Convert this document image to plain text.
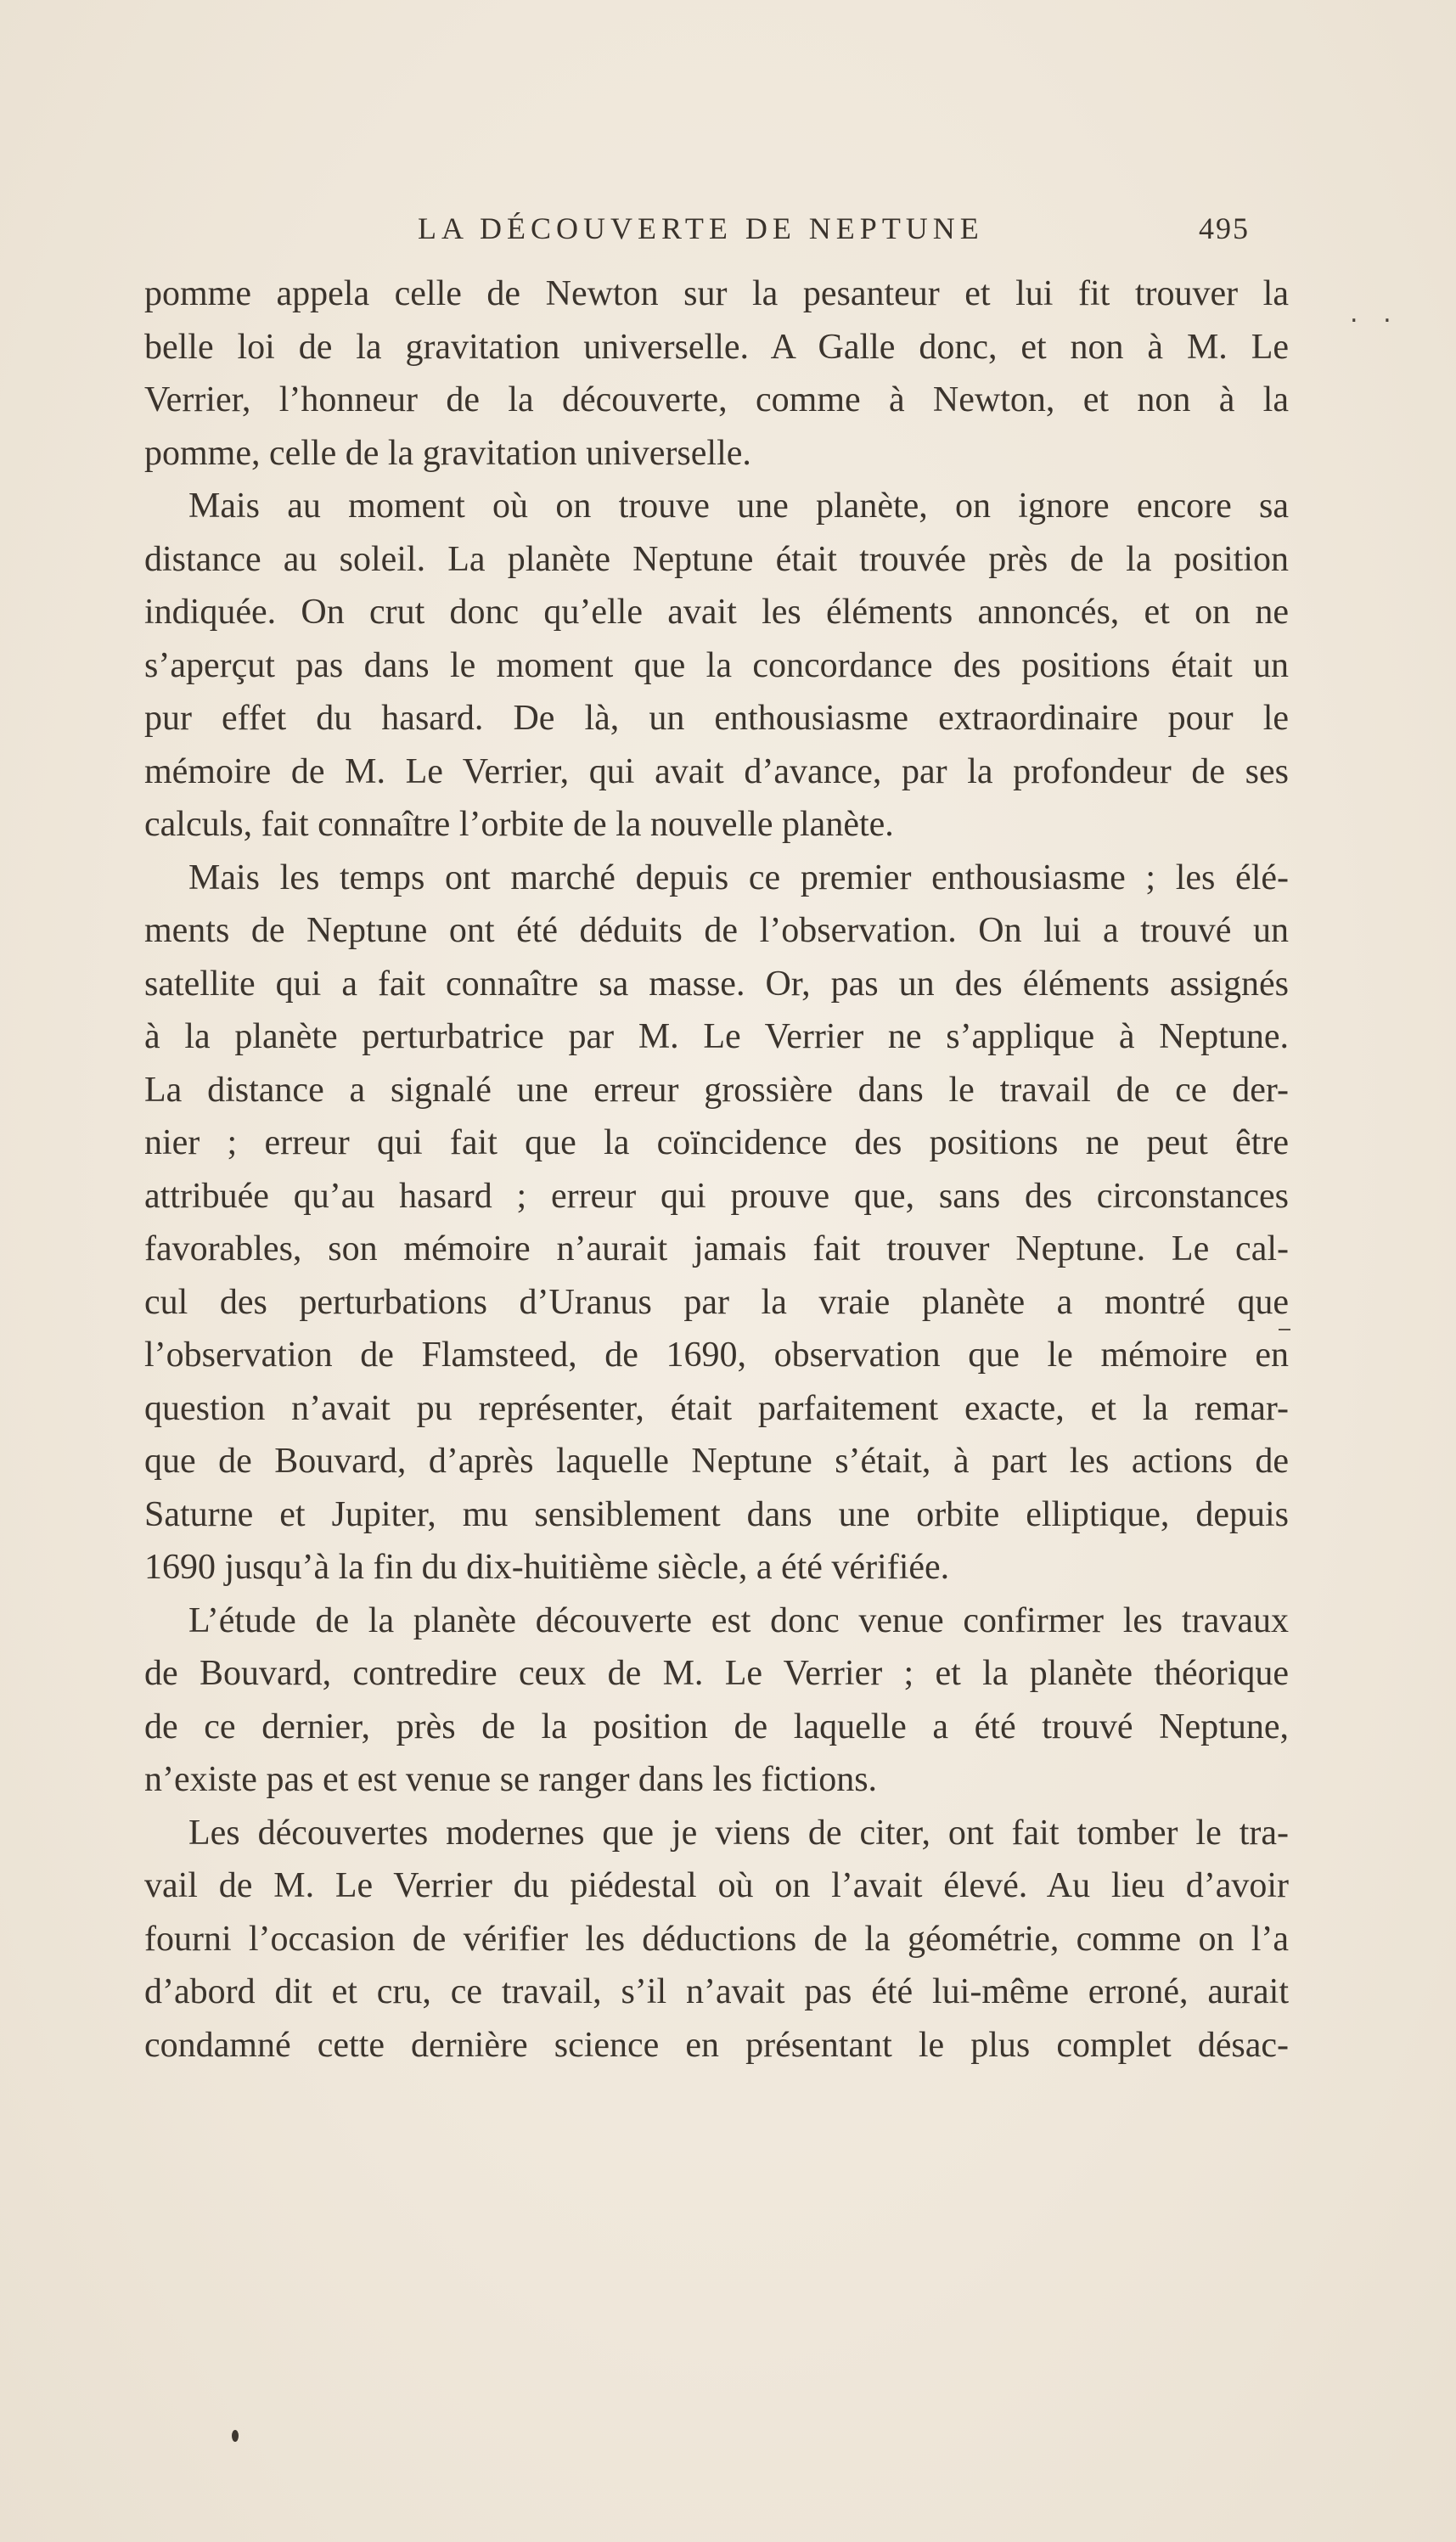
LA DÉCOUVERTE DE NEPTUNE	495
. .
pomme appela celle de Newton sur la pesanteur et lui fit trouver la
belle loi de la gravitation universelle. A Galle donc, et non à M. Le
Verrier, l’honneur de la découverte, comme à Newton, et non à la
pomme, celle de la gravitation universelle.
Mais au moment où on trouve une planète, on ignore encore sa
distance au soleil. La planète Neptune était trouvée près de la position
indiquée. On crut donc qu’elle avait les éléments annoncés, et on ne
s’aperçut pas dans le moment que la concordance des positions était un
pur effet du hasard. De là, un enthousiasme extraordinaire pour le
mémoire de M. Le Verrier, qui avait d’avance, par la profondeur de ses
calculs, fait connaître l’orbite de la nouvelle planète.
Mais les temps ont marché depuis ce premier enthousiasme ; les élé-
ments de Neptune ont été déduits de l’observation. On lui a trouvé un
satellite qui a fait connaître sa masse. Or, pas un des éléments assignés
à la planète perturbatrice par M. Le Verrier ne s’applique à Neptune.
La distance a signalé une erreur grossière dans le travail de ce der-
nier ; erreur qui fait que la coïncidence des positions ne peut être
attribuée qu’au hasard ; erreur qui prouve que, sans des circonstances
favorables, son mémoire n’aurait jamais fait trouver Neptune. Le cal-
cul des perturbations d’Uranus par la vraie planète a montré que
l’observation de Flamsteed, de 1690, observation que le mémoire en
question n’avait pu représenter, était parfaitement exacte, et la remar-
que de Bouvard, d’après laquelle Neptune s’était, à part les actions de
Saturne et Jupiter, mu sensiblement dans une orbite elliptique, depuis
1690 jusqu’à la fin du dix-huitième siècle, a été vérifiée.
L’étude de la planète découverte est donc venue confirmer les travaux
de Bouvard, contredire ceux de M. Le Verrier ; et la planète théorique
de ce dernier, près de la position de laquelle a été trouvé Neptune,
n’existe pas et est venue se ranger dans les fictions.
Les découvertes modernes que je viens de citer, ont fait tomber le tra-
vail de M. Le Verrier du piédestal où on l’avait élevé. Au lieu d’avoir
fourni l’occasion de vérifier les déductions de la géométrie, comme on l’a
d’abord dit et cru, ce travail, s’il n’avait pas été lui-même erroné, aurait
condamné cette dernière science en présentant le plus complet désac-
